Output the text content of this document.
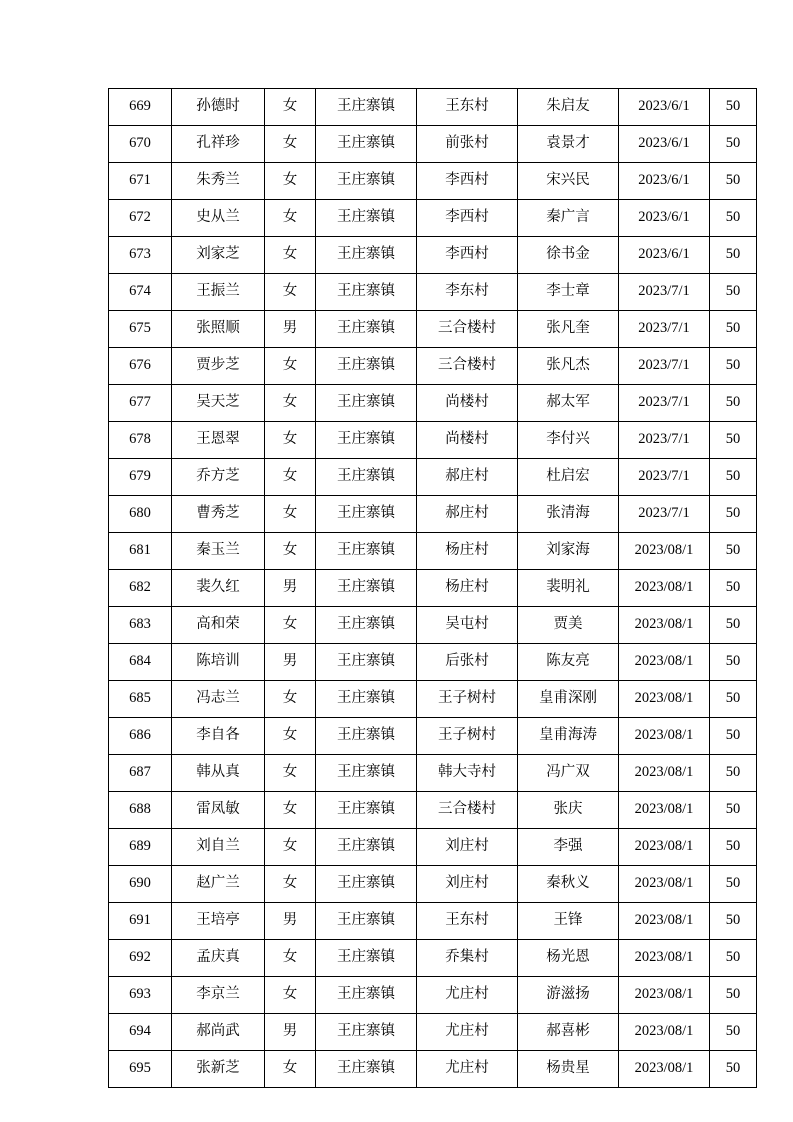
669	孙德时	女	王庄寨镇	王东村	朱启友	2023/6/1	50
670	孔祥珍	女	王庄寨镇	前张村	袁景才	2023/6/1	50
671	朱秀兰	女	王庄寨镇	李西村	宋兴民	2023/6/1	50
672	史从兰	女	王庄寨镇	李西村	秦广言	2023/6/1	50
673	刘家芝	女	王庄寨镇	李西村	徐书金	2023/6/1	50
674	王振兰	女	王庄寨镇	李东村	李士章	2023/7/1	50
675	张照顺	男	王庄寨镇	三合楼村	张凡奎	2023/7/1	50
676	贾步芝	女	王庄寨镇	三合楼村	张凡杰	2023/7/1	50
677	吴天芝	女	王庄寨镇	尚楼村	郝太军	2023/7/1	50
678	王恩翠	女	王庄寨镇	尚楼村	李付兴	2023/7/1	50
679	乔方芝	女	王庄寨镇	郝庄村	杜启宏	2023/7/1	50
680	曹秀芝	女	王庄寨镇	郝庄村	张清海	2023/7/1	50
681	秦玉兰	女	王庄寨镇	杨庄村	刘家海	2023/08/1	50
682	裴久红	男	王庄寨镇	杨庄村	裴明礼	2023/08/1	50
683	高和荣	女	王庄寨镇	吴屯村	贾美	2023/08/1	50
684	陈培训	男	王庄寨镇	后张村	陈友亮	2023/08/1	50
685	冯志兰	女	王庄寨镇	王子树村	皇甫深刚	2023/08/1	50
686	李自各	女	王庄寨镇	王子树村	皇甫海涛	2023/08/1	50
687	韩从真	女	王庄寨镇	韩大寺村	冯广双	2023/08/1	50
688	雷凤敏	女	王庄寨镇	三合楼村	张庆	2023/08/1	50
689	刘自兰	女	王庄寨镇	刘庄村	李强	2023/08/1	50
690	赵广兰	女	王庄寨镇	刘庄村	秦秋义	2023/08/1	50
691	王培亭	男	王庄寨镇	王东村	王锋	2023/08/1	50
692	孟庆真	女	王庄寨镇	乔集村	杨光恩	2023/08/1	50
693	李京兰	女	王庄寨镇	尤庄村	游滋扬	2023/08/1	50
694	郝尚武	男	王庄寨镇	尤庄村	郝喜彬	2023/08/1	50
695	张新芝	女	王庄寨镇	尤庄村	杨贵星	2023/08/1	50
